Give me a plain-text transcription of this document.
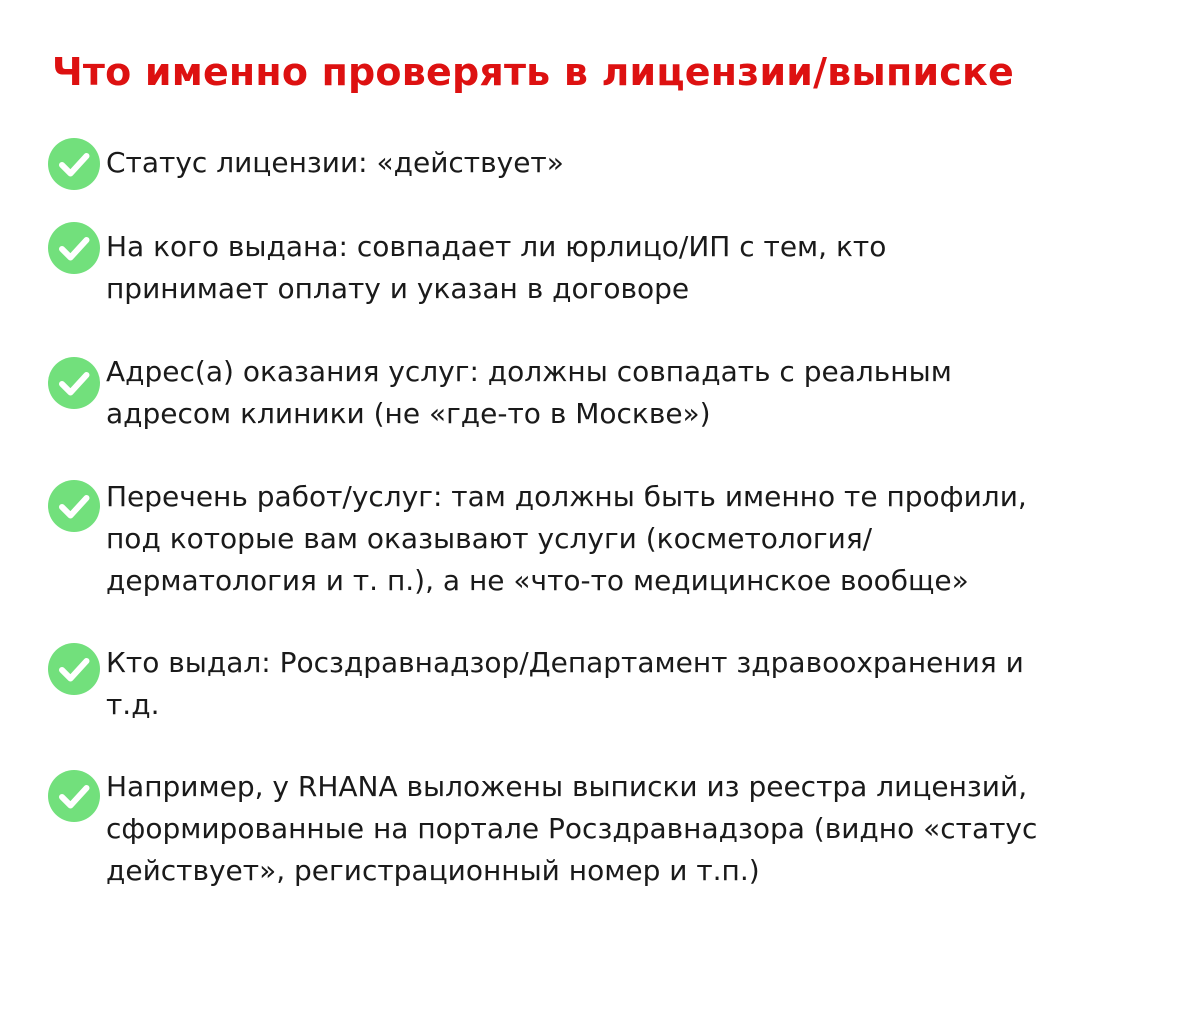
Что именно проверять в лицензии/выписке

Статус лицензии: «действует»

На кого выдана: совпадает ли юрлицо/ИП с тем, кто
принимает оплату и указан в договоре

Адрес(а) оказания услуг: должны совпадать с реальным
адресом клиники (не «где-то в Москве»)

Перечень работ/услуг: там должны быть именно те профили,
под которые вам оказывают услуги (косметология/
дерматология и т. п.), а не «что-то медицинское вообще»

Кто выдал: Росздравнадзор/Департамент здравоохранения и
т.д.

Например, у RHANA выложены выписки из реестра лицензий,
сформированные на портале Росздравнадзора (видно «статус
действует», регистрационный номер и т.п.)
